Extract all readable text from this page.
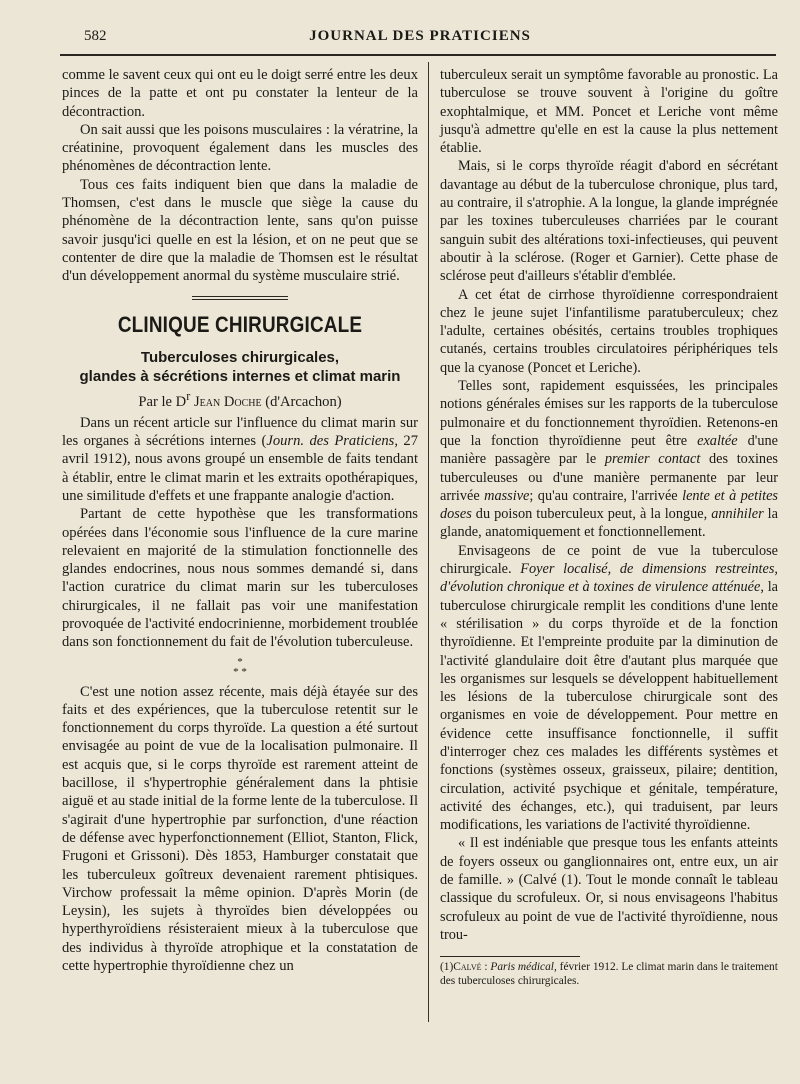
582	JOURNAL DES PRATICIENS

comme le savent ceux qui ont eu le doigt serré entre les deux pinces de la patte et ont pu constater la lenteur de la décontraction.

On sait aussi que les poisons musculaires : la vératrine, la créatinine, provoquent également dans les muscles des phénomènes de décontraction lente.

Tous ces faits indiquent bien que dans la maladie de Thomsen, c'est dans le muscle que siège la cause du phénomène de la décontraction lente, sans qu'on puisse savoir jusqu'ici quelle en est la lésion, et on ne peut que se contenter de dire que la maladie de Thomsen est le résultat d'un développement anormal du système musculaire strié.

CLINIQUE CHIRURGICALE
Tuberculoses chirurgicales,
glandes à sécrétions internes et climat marin
Par le $D^r$ Jean Doche (d'Arcachon)

Dans un récent article sur l'influence du climat marin sur les organes à sécrétions internes (Journ. des Praticiens, 27 avril 1912), nous avons groupé un ensemble de faits tendant à établir, entre le climat marin et les extraits opothérapiques, une similitude d'effets et une frappante analogie d'action.

Partant de cette hypothèse que les transformations opérées dans l'économie sous l'influence de la cure marine relevaient en majorité de la stimulation fonctionnelle des glandes endocrines, nous nous sommes demandé si, dans l'action curatrice du climat marin sur les tuberculoses chirurgicales, il ne fallait pas voir une manifestation provoquée de l'activité endocrinienne, morbidement troublée dans son fonctionnement du fait de l'évolution tuberculeuse.

*
* *

C'est une notion assez récente, mais déjà étayée sur des faits et des expériences, que la tuberculose retentit sur le fonctionnement du corps thyroïde. La question a été surtout envisagée au point de vue de la localisation pulmonaire. Il est acquis que, si le corps thyroïde est rarement atteint de bacillose, il s'hypertrophie généralement dans la phtisie aiguë et au stade initial de la forme lente de la tuberculose. Il s'agirait d'une hypertrophie par surfonction, d'une réaction de défense avec hyperfonctionnement (Elliot, Stanton, Flick, Frugoni et Grissoni). Dès 1853, Hamburger constatait que les tuberculeux goîtreux devenaient rarement phtisiques. Virchow professait la même opinion. D'après Morin (de Leysin), les sujets à thyroïdes bien développées ou hyperthyroïdiens résisteraient mieux à la tuberculose que des individus à thyroïde atrophique et la constatation de cette hypertrophie thyroïdienne chez un

tuberculeux serait un symptôme favorable au pronostic. La tuberculose se trouve souvent à l'origine du goître exophtalmique, et MM. Poncet et Leriche vont même jusqu'à admettre qu'elle en est la cause la plus nettement établie.

Mais, si le corps thyroïde réagit d'abord en sécrétant davantage au début de la tuberculose chronique, plus tard, au contraire, il s'atrophie. A la longue, la glande imprégnée par les toxines tuberculeuses charriées par le courant sanguin subit des altérations toxi-infectieuses, qui peuvent aboutir à la sclérose. (Roger et Garnier). Cette phase de sclérose peut d'ailleurs s'établir d'emblée.

A cet état de cirrhose thyroïdienne correspondraient chez le jeune sujet l'infantilisme paratuberculeux; chez l'adulte, certaines obésités, certains troubles trophiques cutanés, certains troubles circulatoires périphériques tels que la cyanose (Poncet et Leriche).

Telles sont, rapidement esquissées, les principales notions générales émises sur les rapports de la tuberculose pulmonaire et du fonctionnement thyroïdien. Retenons-en que la fonction thyroïdienne peut être exaltée d'une manière passagère par le premier contact des toxines tuberculeuses ou d'une manière permanente par leur arrivée massive; qu'au contraire, l'arrivée lente et à petites doses du poison tuberculeux peut, à la longue, annihiler la glande, anatomiquement et fonctionnellement.

Envisageons de ce point de vue la tuberculose chirurgicale. Foyer localisé, de dimensions restreintes, d'évolution chronique et à toxines de virulence atténuée, la tuberculose chirurgicale remplit les conditions d'une lente « stérilisation » du corps thyroïde et de la fonction thyroïdienne. Et l'empreinte produite par la diminution de l'activité glandulaire doit être d'autant plus marquée que les organismes sur lesquels se développent habituellement les lésions de la tuberculose chirurgicale sont des organismes en voie de développement. Pour mettre en évidence cette insuffisance fonctionnelle, il suffit d'interroger chez ces malades les différents systèmes et fonctions (systèmes osseux, graisseux, pilaire; dentition, circulation, activité psychique et génitale, température, activité des échanges, etc.), qui traduisent, par leurs modifications, les variations de l'activité thyroïdienne.

« Il est indéniable que presque tous les enfants atteints de foyers osseux ou ganglionnaires ont, entre eux, un air de famille. » (Calvé (1). Tout le monde connaît le tableau classique du scrofuleux. Or, si nous envisageons l'habitus scrofuleux au point de vue de l'activité thyroïdienne, nous trou-

(1)Calvé : Paris médical, février 1912. Le climat marin dans le traitement des tuberculoses chirurgicales.
